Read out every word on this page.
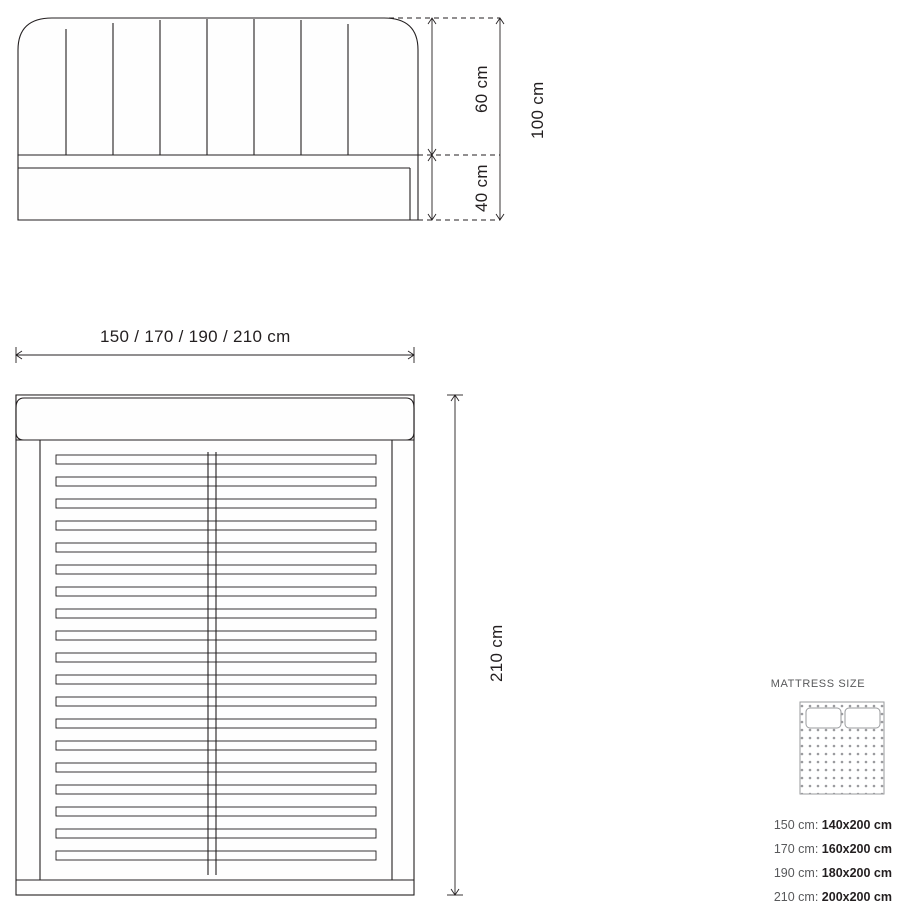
60 cm
40 cm
100 cm
150 / 170 / 190 / 210 cm
210 cm
MATTRESS SIZE
150 cm: 140x200 cm
170 cm: 160x200 cm
190 cm: 180x200 cm
210 cm: 200x200 cm
